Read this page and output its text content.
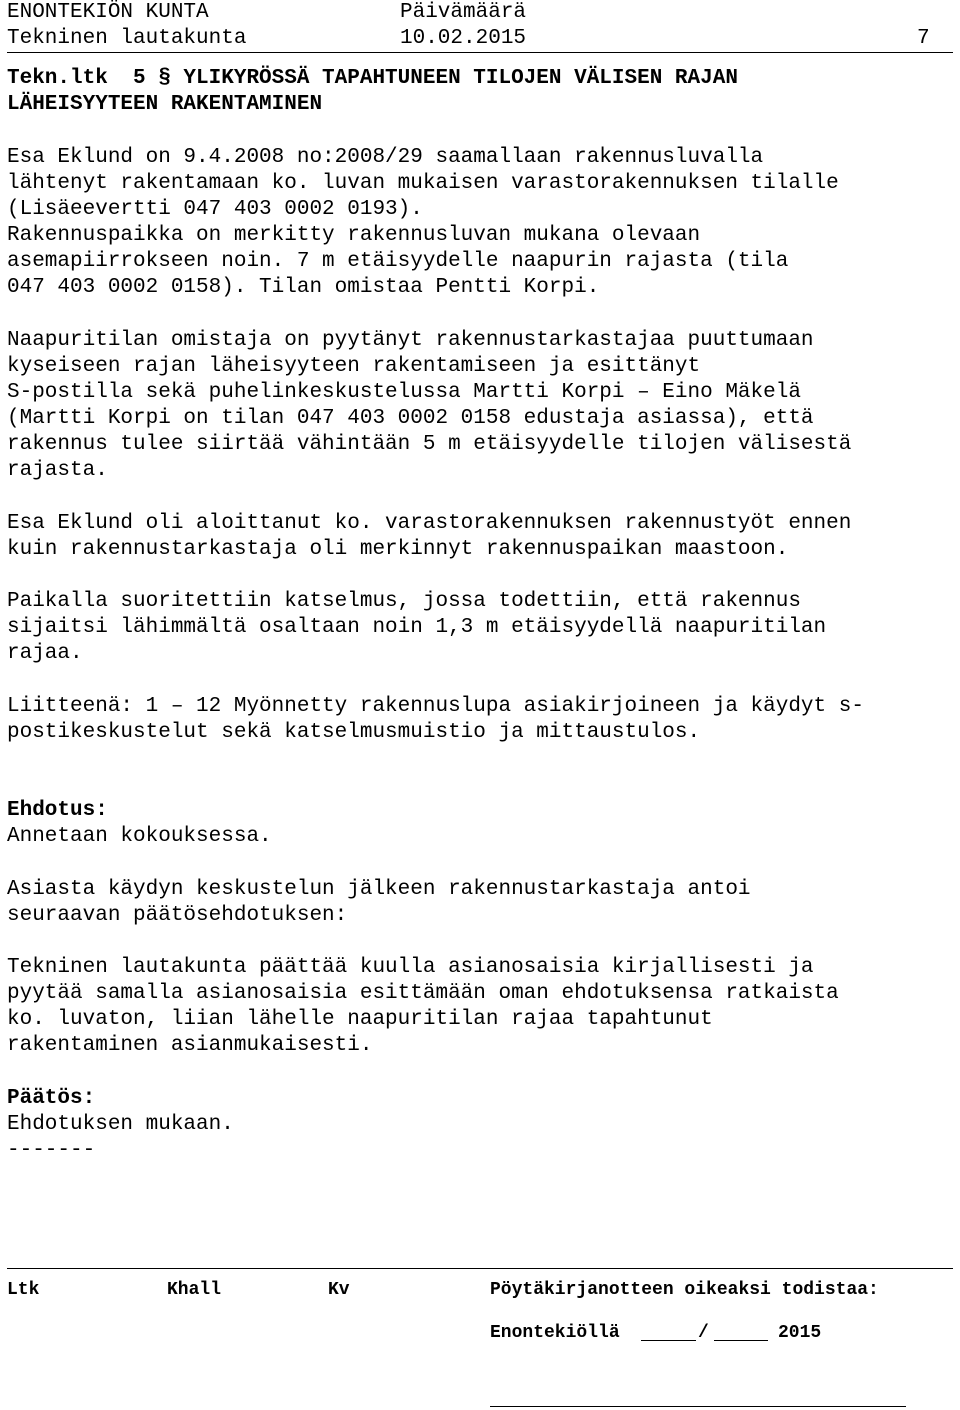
ENONTEKIÖN KUNTA	Päivämäärä
Tekninen lautakunta	10.02.2015	7
Tekn.ltk  5 § YLIKYRÖSSÄ TAPAHTUNEEN TILOJEN VÄLISEN RAJAN
LÄHEISYYTEEN RAKENTAMINEN
Esa Eklund on 9.4.2008 no:2008/29 saamallaan rakennusluvalla
lähtenyt rakentamaan ko. luvan mukaisen varastorakennuksen tilalle
(Lisäeevertti 047 403 0002 0193).
Rakennuspaikka on merkitty rakennusluvan mukana olevaan
asemapiirrokseen noin. 7 m etäisyydelle naapurin rajasta (tila
047 403 0002 0158). Tilan omistaa Pentti Korpi.
Naapuritilan omistaja on pyytänyt rakennustarkastajaa puuttumaan
kyseiseen rajan läheisyyteen rakentamiseen ja esittänyt
S-postilla sekä puhelinkeskustelussa Martti Korpi – Eino Mäkelä
(Martti Korpi on tilan 047 403 0002 0158 edustaja asiassa), että
rakennus tulee siirtää vähintään 5 m etäisyydelle tilojen välisestä
rajasta.
Esa Eklund oli aloittanut ko. varastorakennuksen rakennustyöt ennen
kuin rakennustarkastaja oli merkinnyt rakennuspaikan maastoon.
Paikalla suoritettiin katselmus, jossa todettiin, että rakennus
sijaitsi lähimmältä osaltaan noin 1,3 m etäisyydellä naapuritilan
rajaa.
Liitteenä: 1 – 12 Myönnetty rakennuslupa asiakirjoineen ja käydyt s-
postikeskustelut sekä katselmusmuistio ja mittaustulos.
Ehdotus:
Annetaan kokouksessa.
Asiasta käydyn keskustelun jälkeen rakennustarkastaja antoi
seuraavan päätösehdotuksen:
Tekninen lautakunta päättää kuulla asianosaisia kirjallisesti ja
pyytää samalla asianosaisia esittämään oman ehdotuksensa ratkaista
ko. luvaton, liian lähelle naapuritilan rajaa tapahtunut
rakentaminen asianmukaisesti.
Päätös:
Ehdotuksen mukaan.
-------
Ltk	Khall	Kv	Pöytäkirjanotteen oikeaksi todistaa:
Enontekiöllä	/	2015
